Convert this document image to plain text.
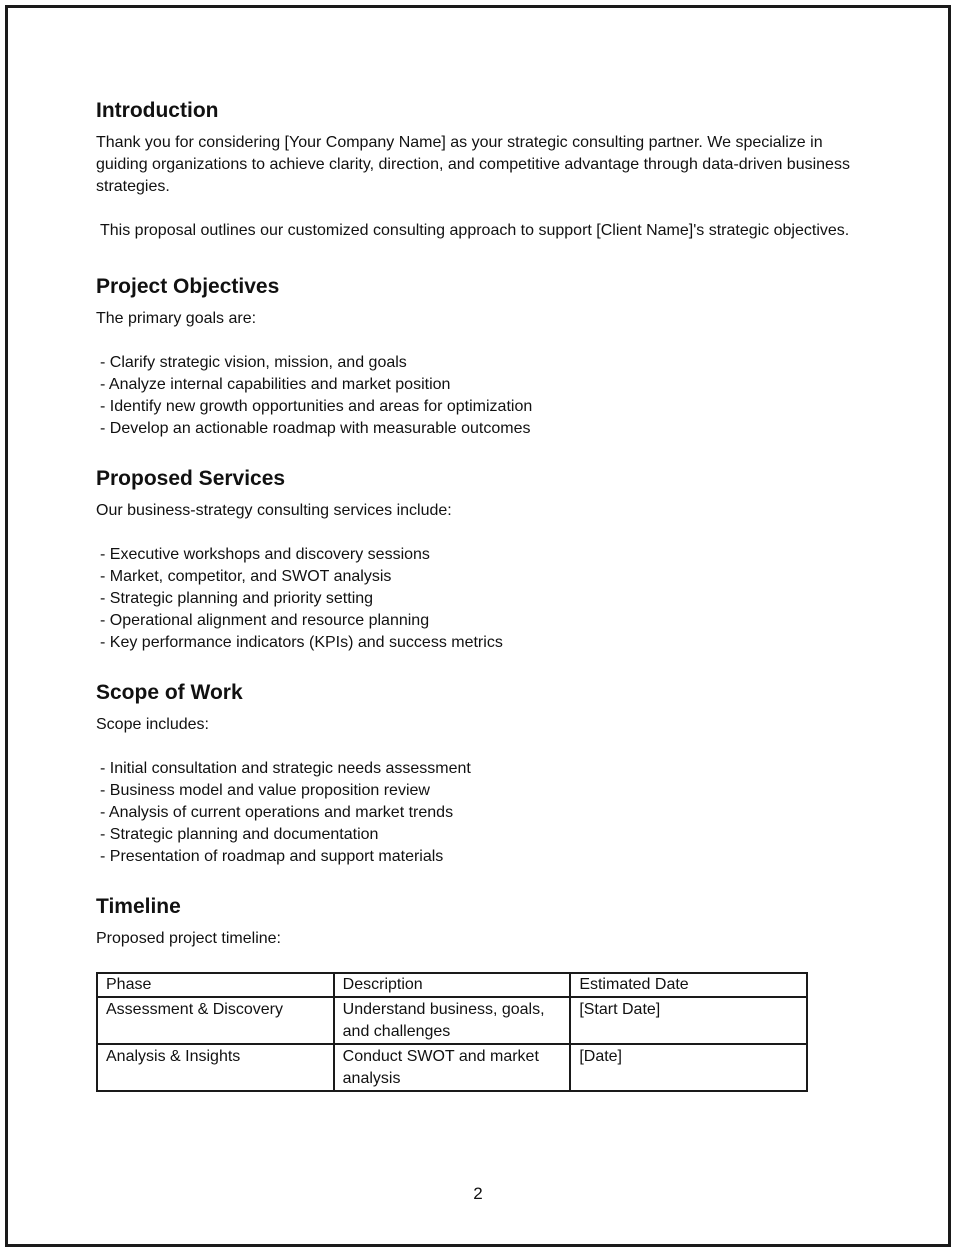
Introduction

Thank you for considering [Your Company Name] as your strategic consulting partner. We specialize in guiding organizations to achieve clarity, direction, and competitive advantage through data-driven business strategies.

This proposal outlines our customized consulting approach to support [Client Name]'s strategic objectives.

Project Objectives

The primary goals are:

- Clarify strategic vision, mission, and goals
- Analyze internal capabilities and market position
- Identify new growth opportunities and areas for optimization
- Develop an actionable roadmap with measurable outcomes
Proposed Services

Our business-strategy consulting services include:

- Executive workshops and discovery sessions
- Market, competitor, and SWOT analysis
- Strategic planning and priority setting
- Operational alignment and resource planning
- Key performance indicators (KPIs) and success metrics
Scope of Work

Scope includes:

- Initial consultation and strategic needs assessment
- Business model and value proposition review
- Analysis of current operations and market trends
- Strategic planning and documentation
- Presentation of roadmap and support materials
Timeline

Proposed project timeline:

Phase	Description	Estimated Date
Assessment & Discovery	Understand business, goals, and challenges	[Start Date]
Analysis & Insights	Conduct SWOT and market analysis	[Date]
2
